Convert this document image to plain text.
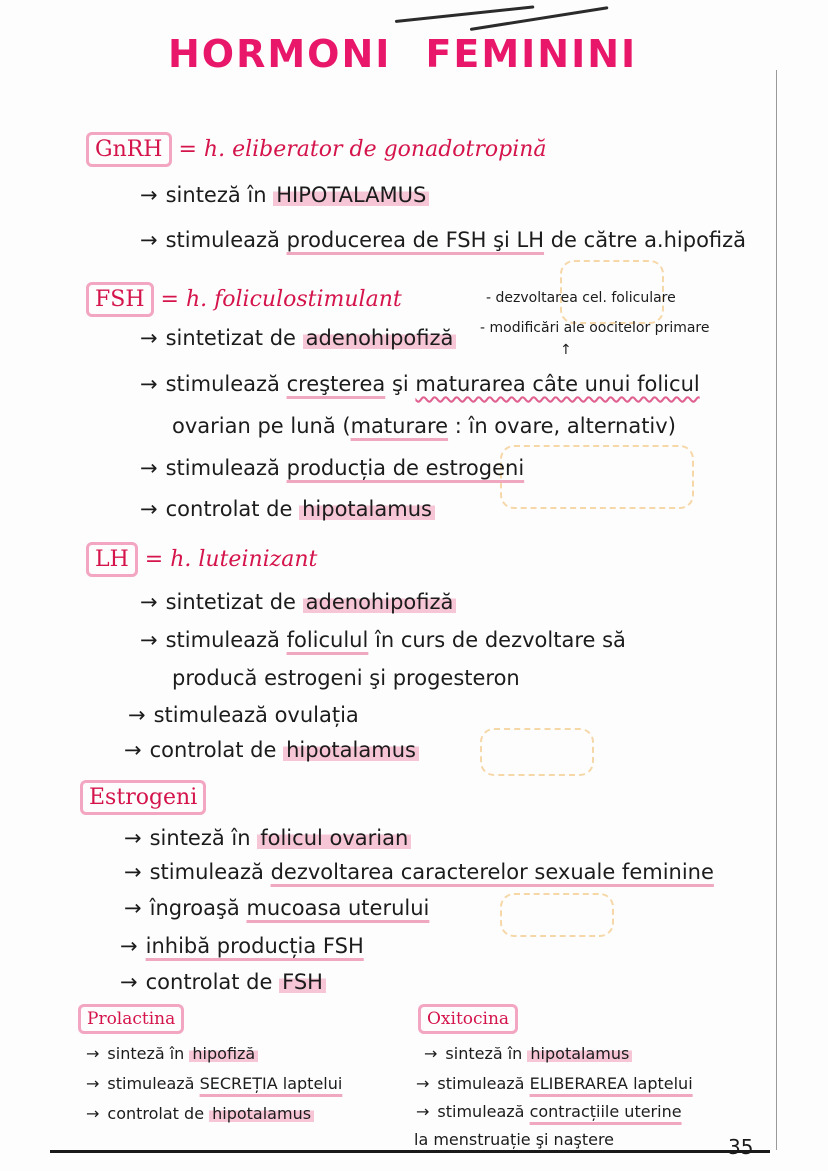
HORMONI FEMININI
GnRH = h. eliberator de gonadotropină
→ sinteză în HIPOTALAMUS
→ stimulează producerea de FSH şi LH de către a.hipofiză
FSH = h. foliculostimulant	- dezvoltarea cel. foliculare
- modificări ale oocitelor primare
↑
→ sintetizat de adenohipofiză
→ stimulează creşterea şi maturarea câte unui folicul
ovarian pe lună (maturare : în ovare, alternativ)
→ stimulează producția de estrogeni
→ controlat de hipotalamus
LH = h. luteinizant
→ sintetizat de adenohipofiză
→ stimulează foliculul în curs de dezvoltare să
producă estrogeni şi progesteron
→ stimulează ovulația
→ controlat de hipotalamus
Estrogeni
→ sinteză în folicul ovarian
→ stimulează dezvoltarea caracterelor sexuale feminine
→ îngroaşă mucoasa uterului
→ inhibă producția FSH
→ controlat de FSH
Prolactina
→ sinteză în hipofiză
→ stimulează SECREȚIA laptelui
→ controlat de hipotalamus
Oxitocina
→ sinteză în hipotalamus
→ stimulează ELIBERAREA laptelui
→ stimulează contracțiile uterine
la menstruație şi naştere	35
